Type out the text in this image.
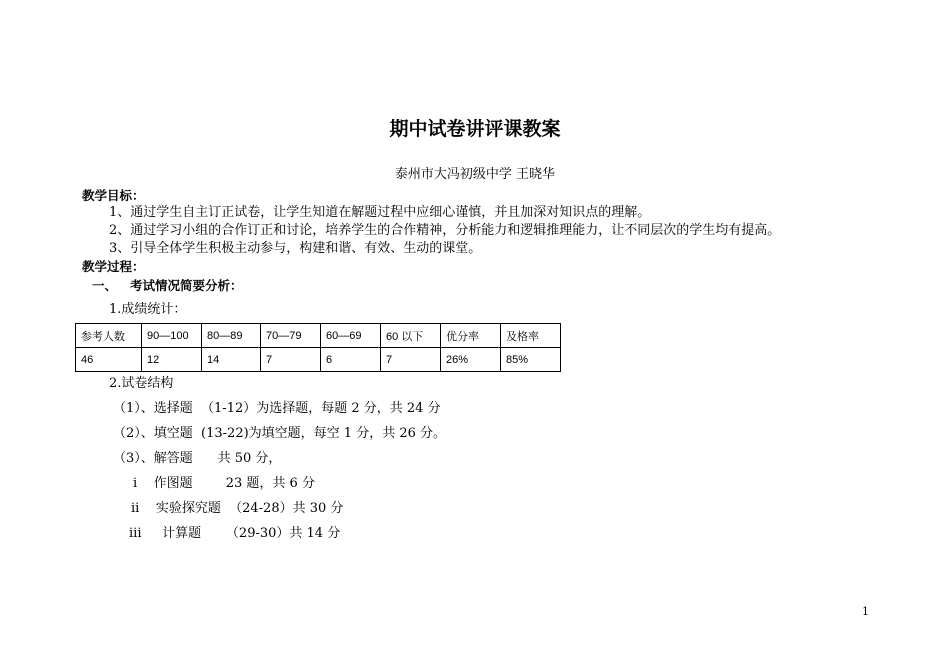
期中试卷讲评课教案
泰州市大冯初级中学 王晓华
教学目标：
1、通过学生自主订正试卷，让学生知道在解题过程中应细心谨慎，并且加深对知识点的理解。
2、通过学习小组的合作订正和讨论，培养学生的合作精神，分析能力和逻辑推理能力，让不同层次的学生均有提高。
3、引导全体学生积极主动参与，构建和谐、有效、生动的课堂。
教学过程：
一、   考试情况简要分析：
1.成绩统计：
参考人数	90—100	80—89	70—79	60—69	60 以下	优分率	及格率
46	12	14	7	6	7	26%	85%
2.试卷结构
（1）、选择题  （1-12）为选择题，每题 2 分，共 24 分
（2）、填空题  (13-22)为填空题，每空 1 分，共 26 分。
（3）、解答题      共 50 分，
i    作图题        23 题，共 6 分
ii    实验探究题  （24-28）共 30 分
iii     计算题      （29-30）共 14 分
1
